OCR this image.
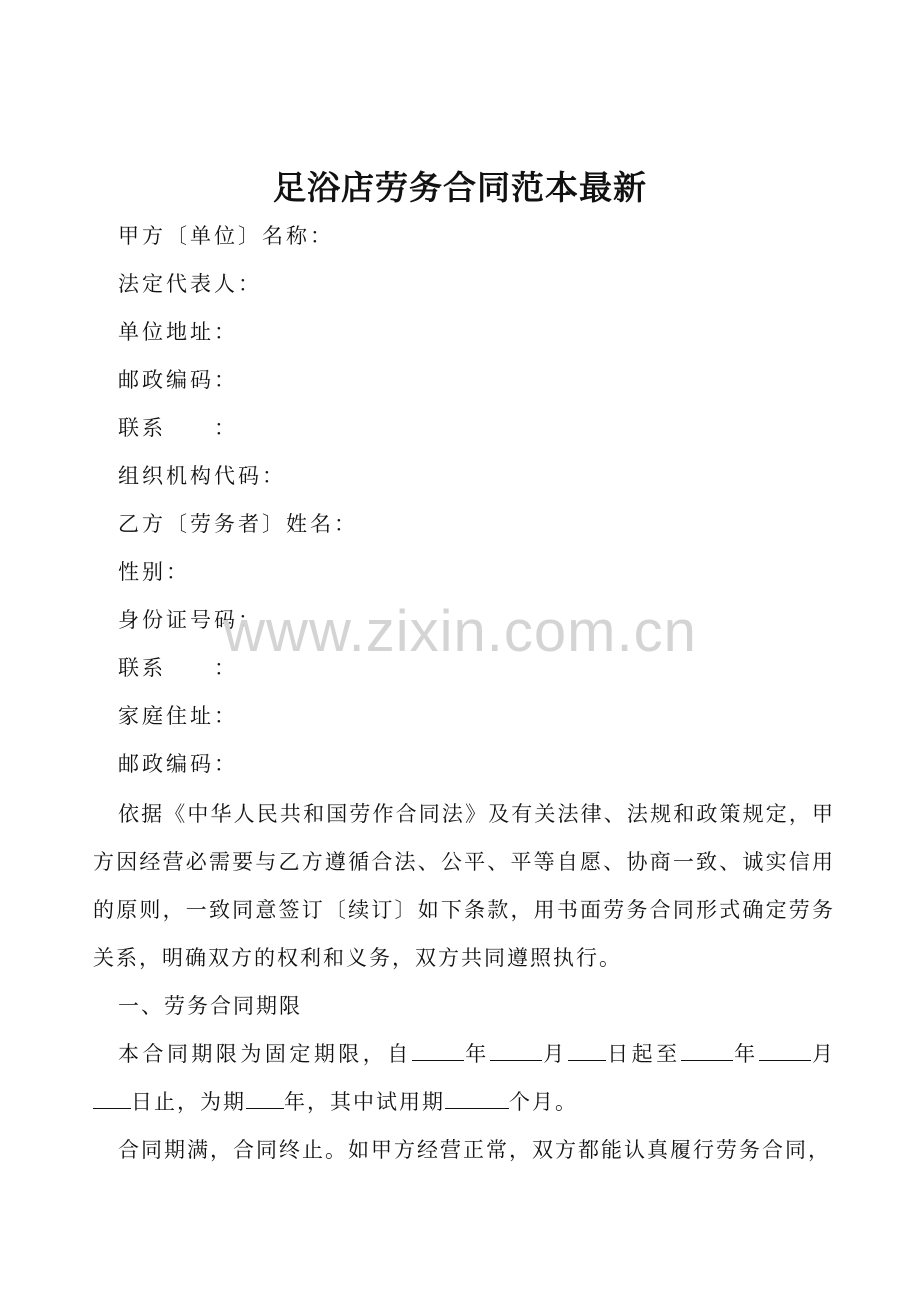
足浴店劳务合同范本最新
甲方〔单位〕名称：
法定代表人：
单位地址：
邮政编码：
联系　　：
组织机构代码：
乙方〔劳务者〕姓名：
性别：
身份证号码：
联系　　：
家庭住址：
邮政编码：

依据《中华人民共和国劳作合同法》及有关法律、法规和政策规定，甲方因经营必需要与乙方遵循合法、公平、平等自愿、协商一致、诚实信用的原则，一致同意签订〔续订〕如下条款，用书面劳务合同形式确定劳务关系，明确双方的权利和义务，双方共同遵照执行。

一、劳务合同期限

本合同期限为固定期限，自 年 月 日起至 年 月日止，为期 年，其中试用期	个月。

合同期满，合同终止。如甲方经营正常，双方都能认真履行劳务合同，

www.zixin.com.cn
